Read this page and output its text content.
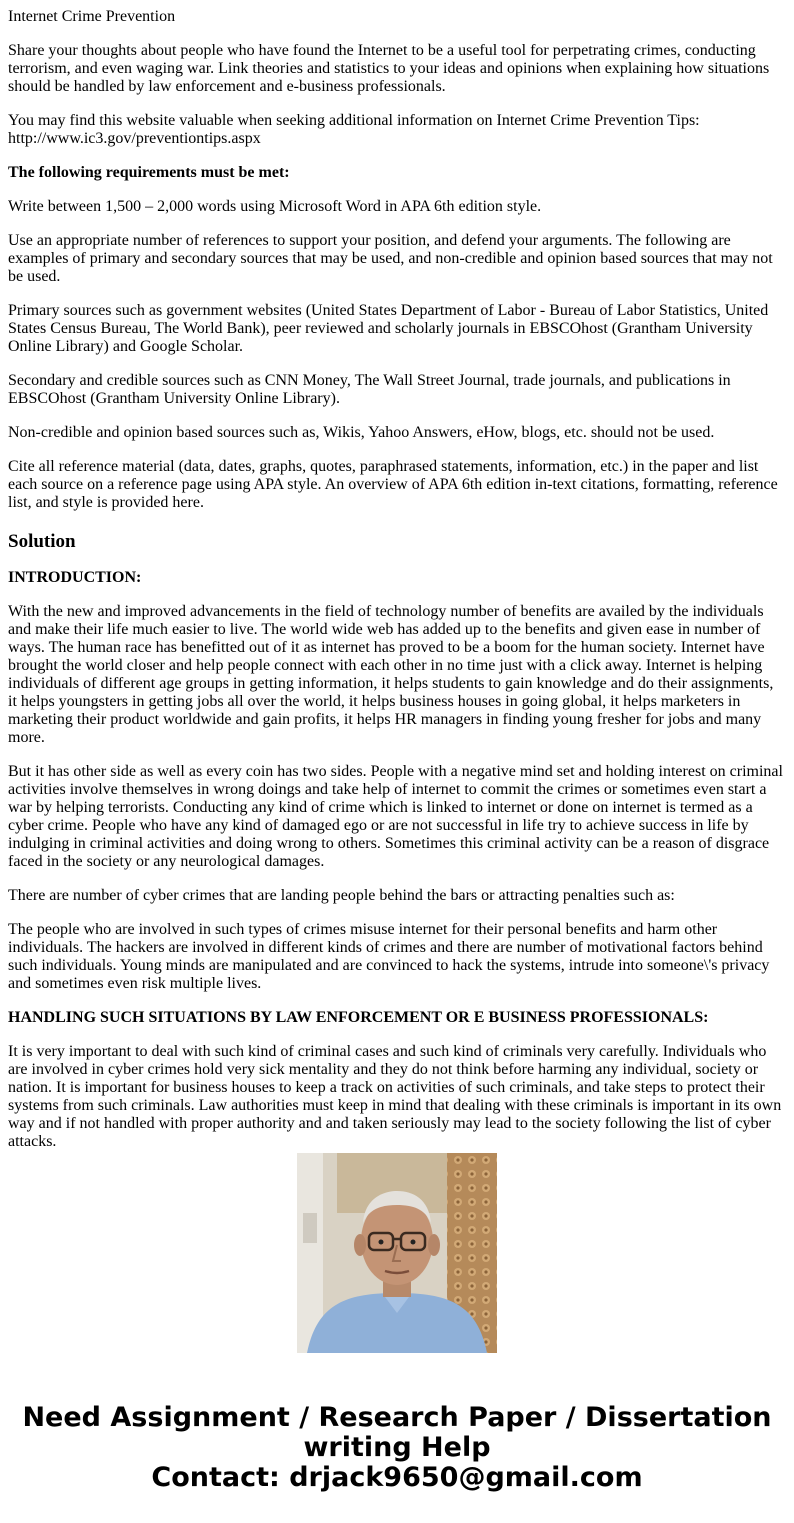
Internet Crime Prevention

Share your thoughts about people who have found the Internet to be a useful tool for perpetrating crimes, conducting terrorism, and even waging war. Link theories and statistics to your ideas and opinions when explaining how situations should be handled by law enforcement and e-business professionals.

You may find this website valuable when seeking additional information on Internet Crime Prevention Tips: http://www.ic3.gov/preventiontips.aspx

The following requirements must be met:

Write between 1,500 – 2,000 words using Microsoft Word in APA 6th edition style.

Use an appropriate number of references to support your position, and defend your arguments. The following are examples of primary and secondary sources that may be used, and non-credible and opinion based sources that may not be used.

Primary sources such as government websites (United States Department of Labor - Bureau of Labor Statistics, United States Census Bureau, The World Bank), peer reviewed and scholarly journals in EBSCOhost (Grantham University Online Library) and Google Scholar.

Secondary and credible sources such as CNN Money, The Wall Street Journal, trade journals, and publications in EBSCOhost (Grantham University Online Library).

Non-credible and opinion based sources such as, Wikis, Yahoo Answers, eHow, blogs, etc. should not be used.

Cite all reference material (data, dates, graphs, quotes, paraphrased statements, information, etc.) in the paper and list each source on a reference page using APA style. An overview of APA 6th edition in-text citations, formatting, reference list, and style is provided here.

Solution

INTRODUCTION:

With the new and improved advancements in the field of technology number of benefits are availed by the individuals and make their life much easier to live. The world wide web has added up to the benefits and given ease in number of ways. The human race has benefitted out of it as internet has proved to be a boom for the human society. Internet have brought the world closer and help people connect with each other in no time just with a click away. Internet is helping individuals of different age groups in getting information, it helps students to gain knowledge and do their assignments, it helps youngsters in getting jobs all over the world, it helps business houses in going global, it helps marketers in marketing their product worldwide and gain profits, it helps HR managers in finding young fresher for jobs and many more.

But it has other side as well as every coin has two sides. People with a negative mind set and holding interest on criminal activities involve themselves in wrong doings and take help of internet to commit the crimes or sometimes even start a war by helping terrorists. Conducting any kind of crime which is linked to internet or done on internet is termed as a cyber crime. People who have any kind of damaged ego or are not successful in life try to achieve success in life by indulging in criminal activities and doing wrong to others. Sometimes this criminal activity can be a reason of disgrace faced in the society or any neurological damages.

There are number of cyber crimes that are landing people behind the bars or attracting penalties such as:

The people who are involved in such types of crimes misuse internet for their personal benefits and harm other individuals. The hackers are involved in different kinds of crimes and there are number of motivational factors behind such individuals. Young minds are manipulated and are convinced to hack the systems, intrude into someone\'s privacy and sometimes even risk multiple lives.

HANDLING SUCH SITUATIONS BY LAW ENFORCEMENT OR E BUSINESS PROFESSIONALS:

It is very important to deal with such kind of criminal cases and such kind of criminals very carefully. Individuals who are involved in cyber crimes hold very sick mentality and they do not think before harming any individual, society or nation. It is important for business houses to keep a track on activities of such criminals, and take steps to protect their systems from such criminals. Law authorities must keep in mind that dealing with these criminals is important in its own way and if not handled with proper authority and and taken seriously may lead to the society following the list of cyber attacks.

Need Assignment / Research Paper / Dissertation
writing Help
Contact: drjack9650@gmail.com
